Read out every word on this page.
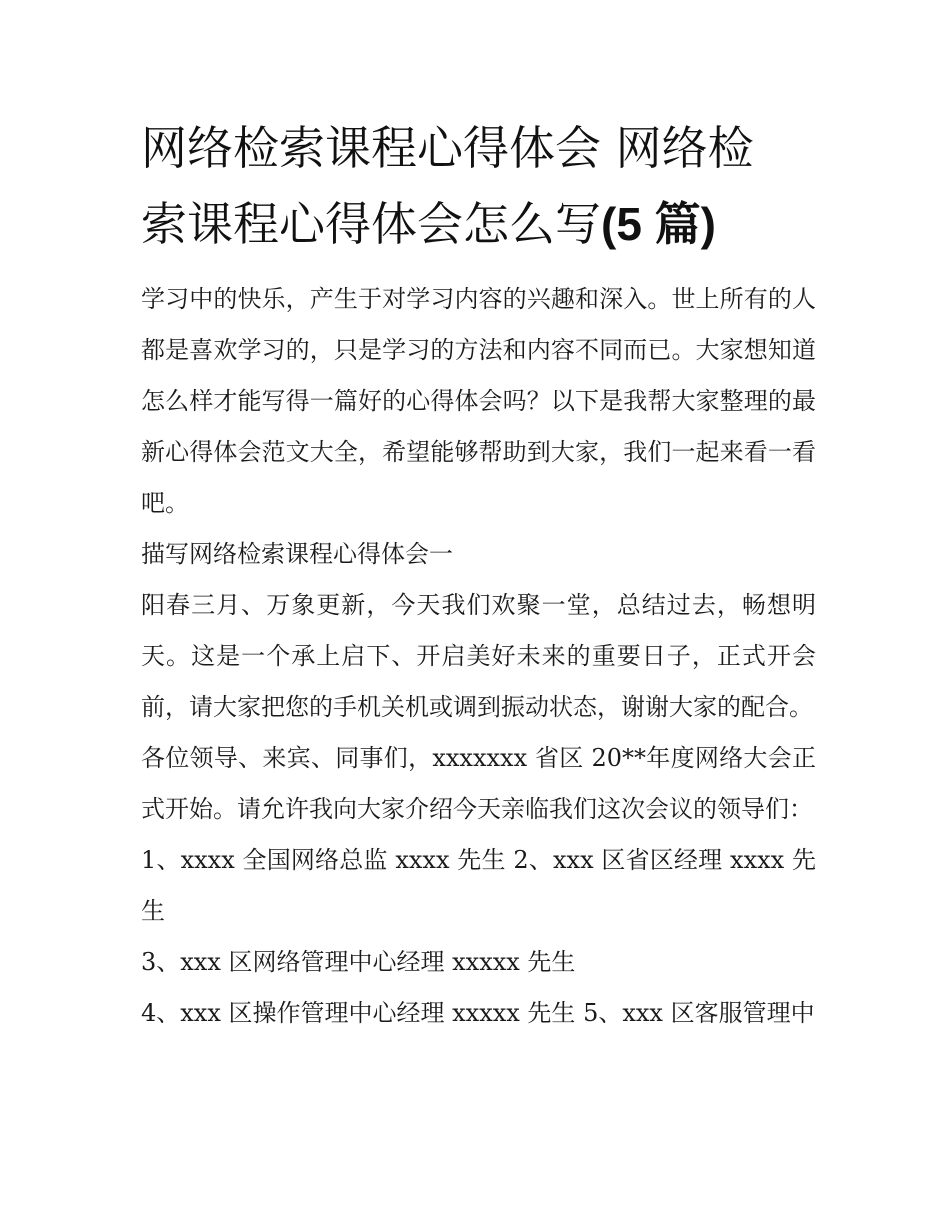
网络检索课程心得体会 网络检
索课程心得体会怎么写(5 篇)

学习中的快乐，产生于对学习内容的兴趣和深入。世上所有的人都是喜欢学习的，只是学习的方法和内容不同而已。大家想知道怎么样才能写得一篇好的心得体会吗？以下是我帮大家整理的最新心得体会范文大全，希望能够帮助到大家，我们一起来看一看吧。

描写网络检索课程心得体会一

阳春三月、万象更新，今天我们欢聚一堂，总结过去，畅想明天。这是一个承上启下、开启美好未来的重要日子，正式开会前，请大家把您的手机关机或调到振动状态，谢谢大家的配合。

各位领导、来宾、同事们，xxxxxxx 省区 20**年度网络大会正式开始。请允许我向大家介绍今天亲临我们这次会议的领导们：

1、xxxx 全国网络总监 xxxx 先生 2、xxx 区省区经理 xxxx 先生

3、xxx 区网络管理中心经理 xxxxx 先生

4、xxx 区操作管理中心经理 xxxxx 先生 5、xxx 区客服管理中
